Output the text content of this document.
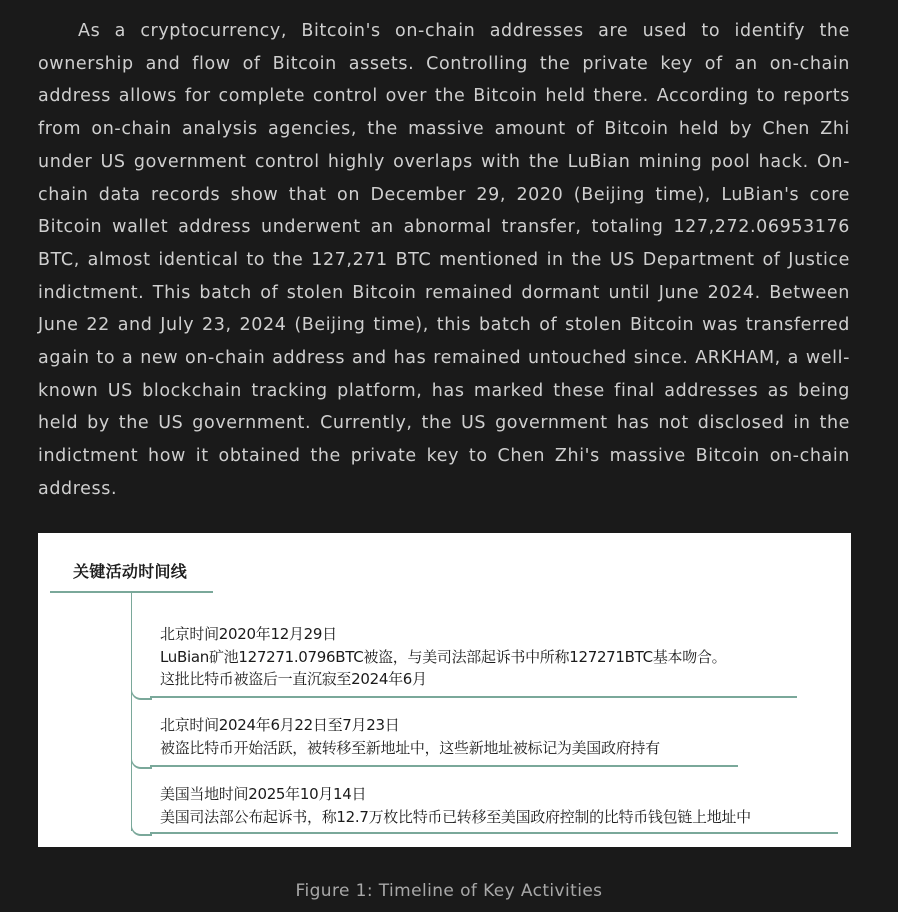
As a cryptocurrency, Bitcoin's on-chain addresses are used to identify the ownership and flow of Bitcoin assets. Controlling the private key of an on-chain address allows for complete control over the Bitcoin held there. According to reports from on-chain analysis agencies, the massive amount of Bitcoin held by Chen Zhi under US government control highly overlaps with the LuBian mining pool hack. On-chain data records show that on December 29, 2020 (Beijing time), LuBian's core Bitcoin wallet address underwent an abnormal transfer, totaling 127,272.06953176 BTC, almost identical to the 127,271 BTC mentioned in the US Department of Justice indictment. This batch of stolen Bitcoin remained dormant until June 2024. Between June 22 and July 23, 2024 (Beijing time), this batch of stolen Bitcoin was transferred again to a new on-chain address and has remained untouched since. ARKHAM, a well-known US blockchain tracking platform, has marked these final addresses as being held by the US government. Currently, the US government has not disclosed in the indictment how it obtained the private key to Chen Zhi's massive Bitcoin on-chain address.

关键活动时间线
北京时间2020年12月29日
LuBian矿池127271.0796BTC被盗，与美司法部起诉书中所称127271BTC基本吻合。
这批比特币被盗后一直沉寂至2024年6月
北京时间2024年6月22日至7月23日
被盗比特币开始活跃，被转移至新地址中，这些新地址被标记为美国政府持有
美国当地时间2025年10月14日
美国司法部公布起诉书，称12.7万枚比特币已转移至美国政府控制的比特币钱包链上地址中
Figure 1: Timeline of Key Activities
